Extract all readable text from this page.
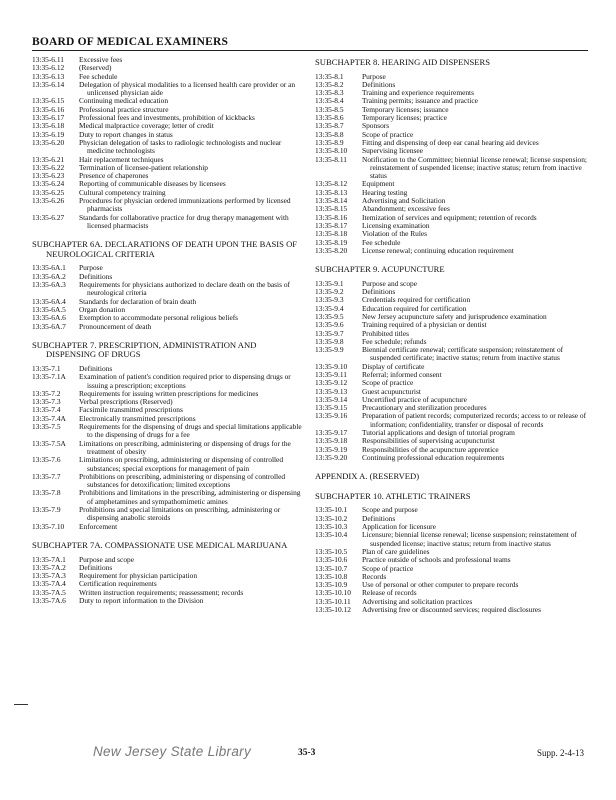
BOARD OF MEDICAL EXAMINERS
13:35-6.11	Excessive fees
13:35-6.12	(Reserved)
13:35-6.13	Fee schedule
13:35-6.14	Delegation of physical modalities to a licensed health care provider or an unlicensed physician aide
13:35-6.15	Continuing medical education
13:35-6.16	Professional practice structure
13:35-6.17	Professional fees and investments, prohibition of kickbacks
13:35-6.18	Medical malpractice coverage; letter of credit
13:35-6.19	Duty to report changes in status
13:35-6.20	Physician delegation of tasks to radiologic technologists and nuclear medicine technologists
13:35-6.21	Hair replacement techniques
13:35-6.22	Termination of licensee-patient relationship
13:35-6.23	Presence of chaperones
13:35-6.24	Reporting of communicable diseases by licensees
13:35-6.25	Cultural competency training
13:35-6.26	Procedures for physician ordered immunizations performed by licensed pharmacists
13:35-6.27	Standards for collaborative practice for drug therapy management with licensed pharmacists
SUBCHAPTER 6A. DECLARATIONS OF DEATH UPON THE BASIS OF NEUROLOGICAL CRITERIA
13:35-6A.1	Purpose
13:35-6A.2	Definitions
13:35-6A.3	Requirements for physicians authorized to declare death on the basis of neurological criteria
13:35-6A.4	Standards for declaration of brain death
13:35-6A.5	Organ donation
13:35-6A.6	Exemption to accommodate personal religious beliefs
13:35-6A.7	Pronouncement of death
SUBCHAPTER 7. PRESCRIPTION, ADMINISTRATION AND DISPENSING OF DRUGS
13:35-7.1	Definitions
13:35-7.1A	Examination of patient's condition required prior to dispensing drugs or issuing a prescription; exceptions
13:35-7.2	Requirements for issuing written prescriptions for medicines
13:35-7.3	Verbal prescriptions (Reserved)
13:35-7.4	Facsimile transmitted prescriptions
13:35-7.4A	Electronically transmitted prescriptions
13:35-7.5	Requirements for the dispensing of drugs and special limitations applicable to the dispensing of drugs for a fee
13:35-7.5A	Limitations on prescribing, administering or dispensing of drugs for the treatment of obesity
13:35-7.6	Limitations on prescribing, administering or dispensing of controlled substances; special exceptions for management of pain
13:35-7.7	Prohibitions on prescribing, administering or dispensing of controlled substances for detoxification; limited exceptions
13:35-7.8	Prohibitions and limitations in the prescribing, administering or dispensing of amphetamines and sympathomimetic amines
13:35-7.9	Prohibitions and special limitations on prescribing, administering or dispensing anabolic steroids
13:35-7.10	Enforcement
SUBCHAPTER 7A. COMPASSIONATE USE MEDICAL MARIJUANA
13:35-7A.1	Purpose and scope
13:35-7A.2	Definitions
13:35-7A.3	Requirement for physician participation
13:35-7A.4	Certification requirements
13:35-7A.5	Written instruction requirements; reassessment; records
13:35-7A.6	Duty to report information to the Division
SUBCHAPTER 8. HEARING AID DISPENSERS
13:35-8.1	Purpose
13:35-8.2	Definitions
13:35-8.3	Training and experience requirements
13:35-8.4	Training permits; issuance and practice
13:35-8.5	Temporary licenses; issuance
13:35-8.6	Temporary licenses; practice
13:35-8.7	Sponsors
13:35-8.8	Scope of practice
13:35-8.9	Fitting and dispensing of deep ear canal hearing aid devices
13:35-8.10	Supervising licensee
13:35-8.11	Notification to the Committee; biennial license renewal; license suspension; reinstatement of suspended license; inactive status; return from inactive status
13:35-8.12	Equipment
13:35-8.13	Hearing testing
13:35-8.14	Advertising and Solicitation
13:35-8.15	Abandonment; excessive fees
13:35-8.16	Itemization of services and equipment; retention of records
13:35-8.17	Licensing examination
13:35-8.18	Violation of the Rules
13:35-8.19	Fee schedule
13:35-8.20	License renewal; continuing education requirement
SUBCHAPTER 9. ACUPUNCTURE
13:35-9.1	Purpose and scope
13:35-9.2	Definitions
13:35-9.3	Credentials required for certification
13:35-9.4	Education required for certification
13:35-9.5	New Jersey acupuncture safety and jurisprudence examination
13:35-9.6	Training required of a physician or dentist
13:35-9.7	Prohibited titles
13:35-9.8	Fee schedule; refunds
13:35-9.9	Biennial certificate renewal; certificate suspension; reinstatement of suspended certificate; inactive status; return from inactive status
13:35-9.10	Display of certificate
13:35-9.11	Referral; informed consent
13:35-9.12	Scope of practice
13:35-9.13	Guest acupuncturist
13:35-9.14	Uncertified practice of acupuncture
13:35-9.15	Precautionary and sterilization procedures
13:35-9.16	Preparation of patient records; computerized records; access to or release of information; confidentiality, transfer or disposal of records
13:35-9.17	Tutorial applications and design of tutorial program
13:35-9.18	Responsibilities of supervising acupuncturist
13:35-9.19	Responsibilities of the acupuncture apprentice
13:35-9.20	Continuing professional education requirements
APPENDIX A. (RESERVED)
SUBCHAPTER 10. ATHLETIC TRAINERS
13:35-10.1	Scope and purpose
13:35-10.2	Definitions
13:35-10.3	Application for licensure
13:35-10.4	Licensure; biennial license renewal; license suspension; reinstatement of suspended license; inactive status; return from inactive status
13:35-10.5	Plan of care guidelines
13:35-10.6	Practice outside of schools and professional teams
13:35-10.7	Scope of practice
13:35-10.8	Records
13:35-10.9	Use of personal or other computer to prepare records
13:35-10.10	Release of records
13:35-10.11	Advertising and solicitation practices
13:35-10.12	Advertising free or discounted services; required disclosures
New Jersey State Library	35-3	Supp. 2-4-13
